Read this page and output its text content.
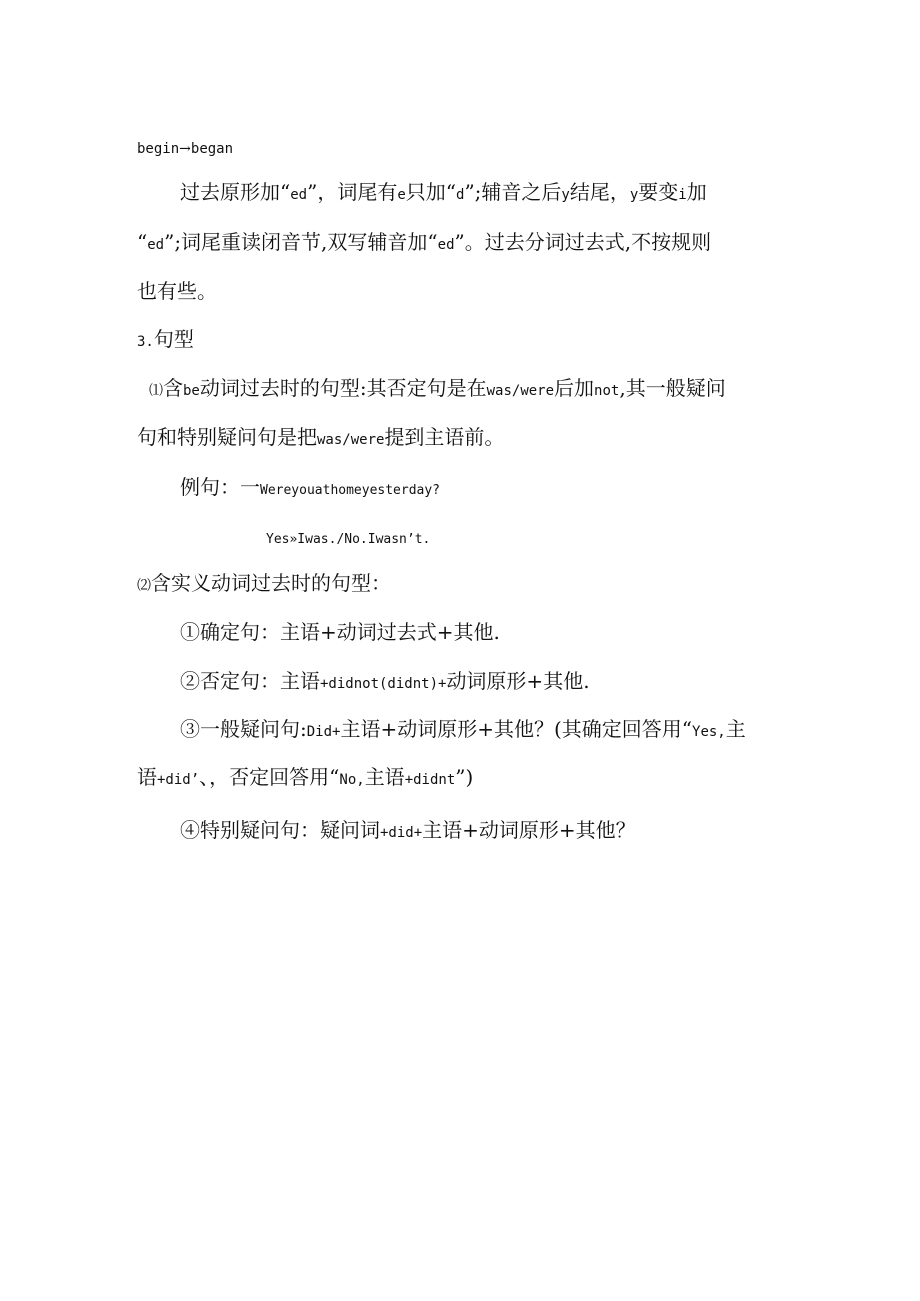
begin→began
过去原形加“ed”，词尾有e只加“d”;辅音之后y结尾，y要变i加
“ed”;词尾重读闭音节,双写辅音加“ed”。过去分词过去式,不按规则
也有些。
3.句型
⑴含be动词过去时的句型:其否定句是在was/were后加not,其一般疑问
句和特别疑问句是把was/were提到主语前。
例句：一Wereyouathomeyesterday?
Yes»Iwas./No.Iwasn’t.
⑵含实义动词过去时的句型：
①确定句：主语+动词过去式+其他.
②否定句：主语+didnot(didnt)+动词原形+其他.
③一般疑问句:Did+主语+动词原形+其他？(其确定回答用“Yes,主
语+did’、，否定回答用“No,主语+didnt”)
④特别疑问句：疑问词+did+主语+动词原形+其他？
